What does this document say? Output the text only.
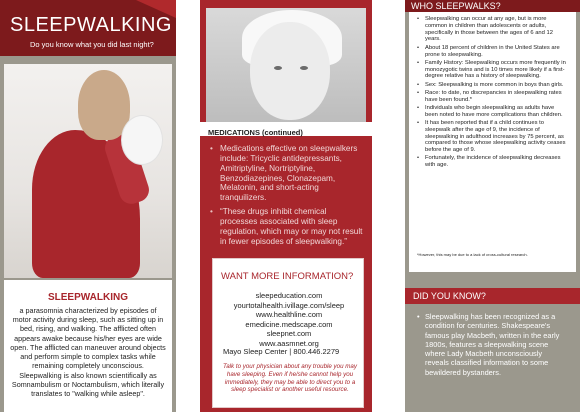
SLEEPWALKING
Do you know what you did last night?
SLEEPWALKING
a parasomnia characterized by episodes of motor activity during sleep, such as sitting up in bed, rising, and walking. The afflicted often appears awake because his/her eyes are wide open. The afflicted can maneuver around objects and perform simple to complex tasks while remaining completely unconscious. Sleepwalking is also known scientifically as Somnambulism or Noctambulism, which literally translates to "walking while asleep".
MEDICATIONS (continued)
• Medications effective on sleepwalkers include: Tricyclic antidepressants, Amitriptyline, Nortriptyline, Benzodiazepines, Clonazepam, Melatonin, and short-acting tranquilizers.
• “These drugs inhibit chemical processes associated with sleep regulation, which may or may not result in fewer episodes of sleepwalking.”
WANT MORE INFORMATION?
sleepeducation.com
yourtotalhealth.ivillage.com/sleep
www.healthline.com
emedicine.medscape.com
sleepnet.com
www.aasmnet.org
Mayo Sleep Center | 800.446.2279
Talk to your physician about any trouble you may have sleeping. Even if he/she cannot help you immediately, they may be able to direct you to a sleep specialist or another useful resource.
WHO SLEEPWALKS?
• Sleepwalking can occur at any age, but is more common in children than adolescents or adults, specifically in those between the ages of 6 and 12 years.
• About 18 percent of children in the United States are prone to sleepwalking.
• Family History: Sleepwalking occurs more frequently in monozygotic twins and is 10 times more likely if a first-degree relative has a history of sleepwalking.
• Sex: Sleepwalking is more common in boys than girls.
• Race: to date, no discrepancies in sleepwalking rates have been found.*
• Individuals who begin sleepwalking as adults have been noted to have more complications than children.
• It has been reported that if a child continues to sleepwalk after the age of 9, the incidence of sleepwalking in adulthood increases by 75 percent, as compared to those whose sleepwalking activity ceases before the age of 9.
• Fortunately, the incidence of sleepwalking decreases with age.
*However, this may be due to a lack of cross-cultural research.
DID YOU KNOW?
• Sleepwalking has been recognized as a condition for centuries. Shakespeare's famous play Macbeth, written in the early 1800s, features a sleepwalking scene where Lady Macbeth unconsciously reveals classified information to some bewildered bystanders.
